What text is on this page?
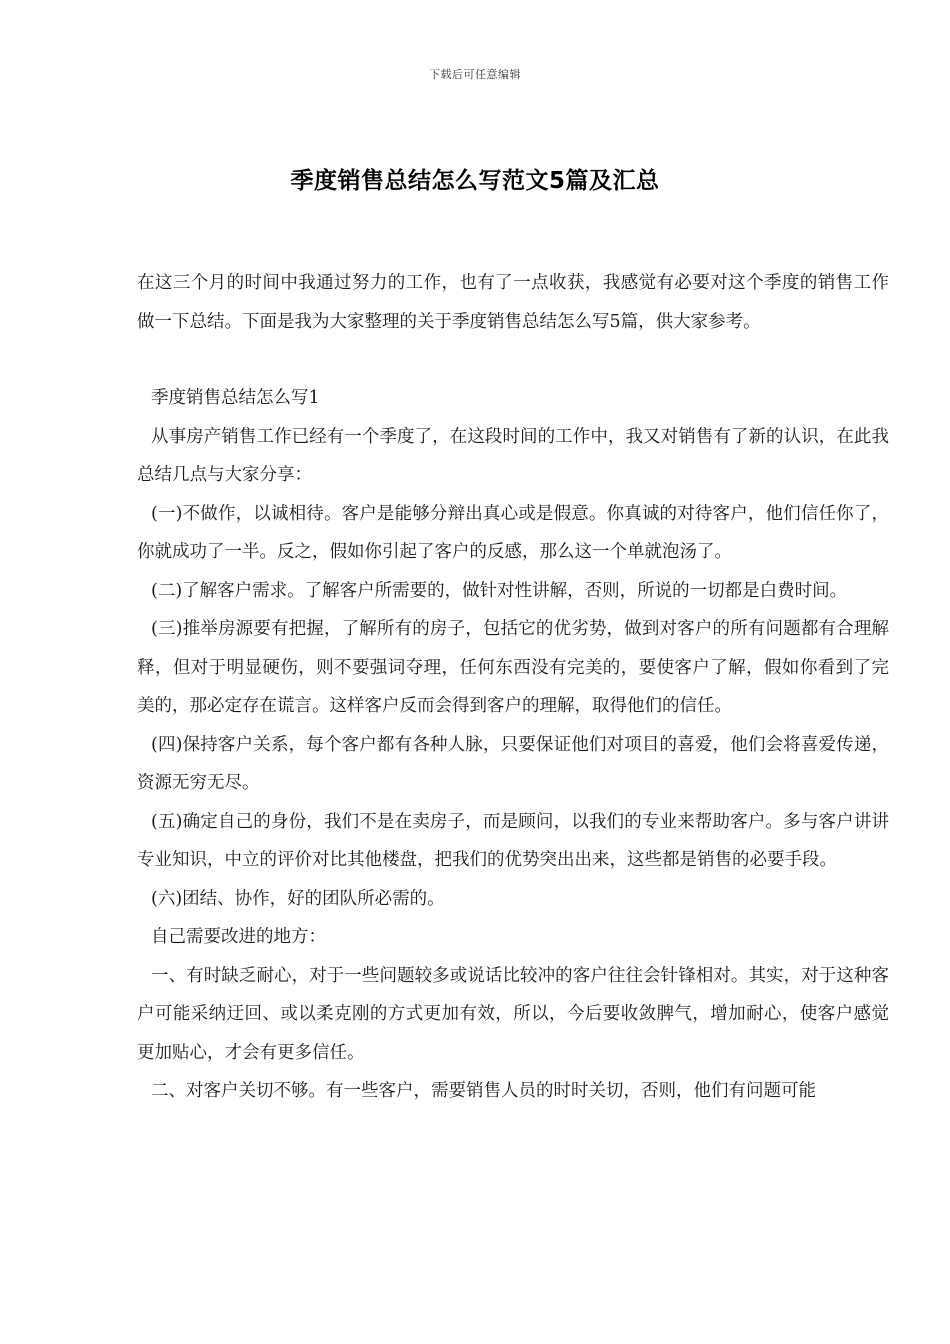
下载后可任意编辑
季度销售总结怎么写范文5篇及汇总

在这三个月的时间中我通过努力的工作，也有了一点收获，我感觉有必要对这个季度的销售工作做一下总结。下面是我为大家整理的关于季度销售总结怎么写5篇，供大家参考。

季度销售总结怎么写1

从事房产销售工作已经有一个季度了，在这段时间的工作中，我又对销售有了新的认识，在此我总结几点与大家分享：

(一)不做作，以诚相待。客户是能够分辩出真心或是假意。你真诚的对待客户，他们信任你了，你就成功了一半。反之，假如你引起了客户的反感，那么这一个单就泡汤了。

(二)了解客户需求。了解客户所需要的，做针对性讲解，否则，所说的一切都是白费时间。

(三)推举房源要有把握，了解所有的房子，包括它的优劣势，做到对客户的所有问题都有合理解释，但对于明显硬伤，则不要强词夺理，任何东西没有完美的，要使客户了解，假如你看到了完美的，那必定存在谎言。这样客户反而会得到客户的理解，取得他们的信任。

(四)保持客户关系，每个客户都有各种人脉，只要保证他们对项目的喜爱，他们会将喜爱传递，资源无穷无尽。

(五)确定自己的身份，我们不是在卖房子，而是顾问，以我们的专业来帮助客户。多与客户讲讲专业知识，中立的评价对比其他楼盘，把我们的优势突出出来，这些都是销售的必要手段。

(六)团结、协作，好的团队所必需的。

自己需要改进的地方：

一、有时缺乏耐心，对于一些问题较多或说话比较冲的客户往往会针锋相对。其实，对于这种客户可能采纳迂回、或以柔克刚的方式更加有效，所以，今后要收敛脾气，增加耐心，使客户感觉更加贴心，才会有更多信任。

二、对客户关切不够。有一些客户，需要销售人员的时时关切，否则，他们有问题可能
